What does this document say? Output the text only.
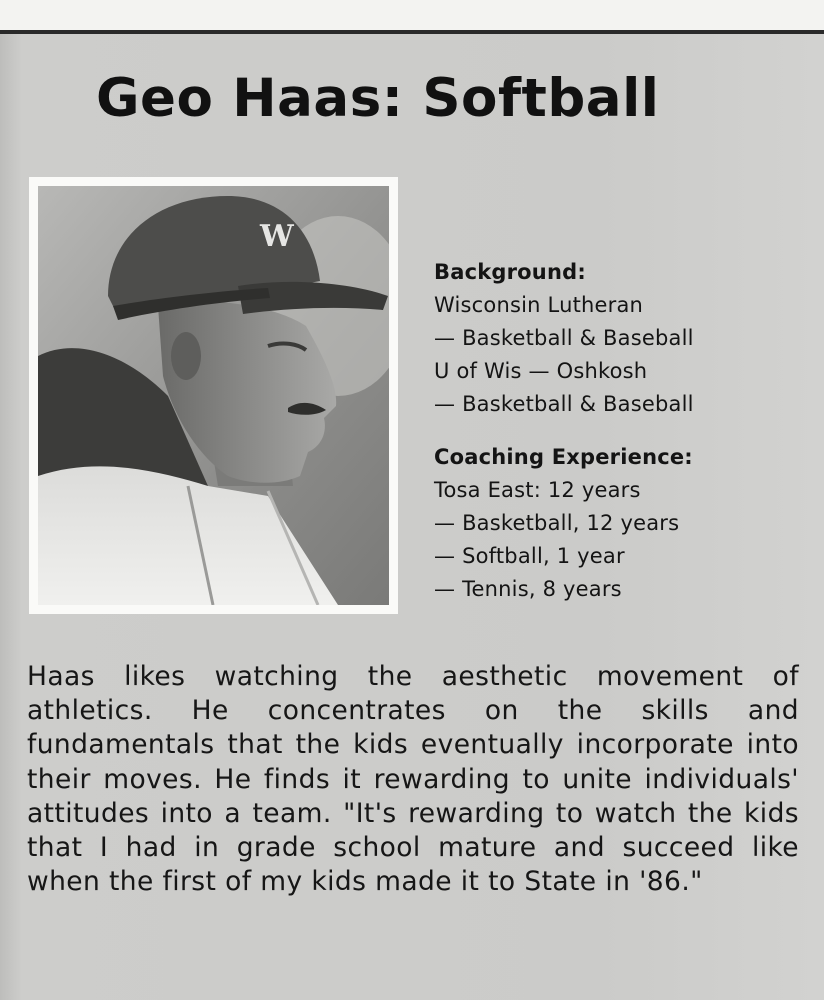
Geo Haas: Softball
W
Background:
Wisconsin Lutheran
— Basketball & Baseball
U of Wis — Oshkosh
— Basketball & Baseball
Coaching Experience:
Tosa East: 12 years
— Basketball, 12 years
— Softball, 1 year
— Tennis, 8 years

Haas likes watching the aesthetic movement of athletics. He concentrates on the skills and fundamentals that the kids eventually incorporate into their moves. He finds it rewarding to unite individuals' attitudes into a team. "It's rewarding to watch the kids that I had in grade school mature and succeed like when the first of my kids made it to State in '86."
